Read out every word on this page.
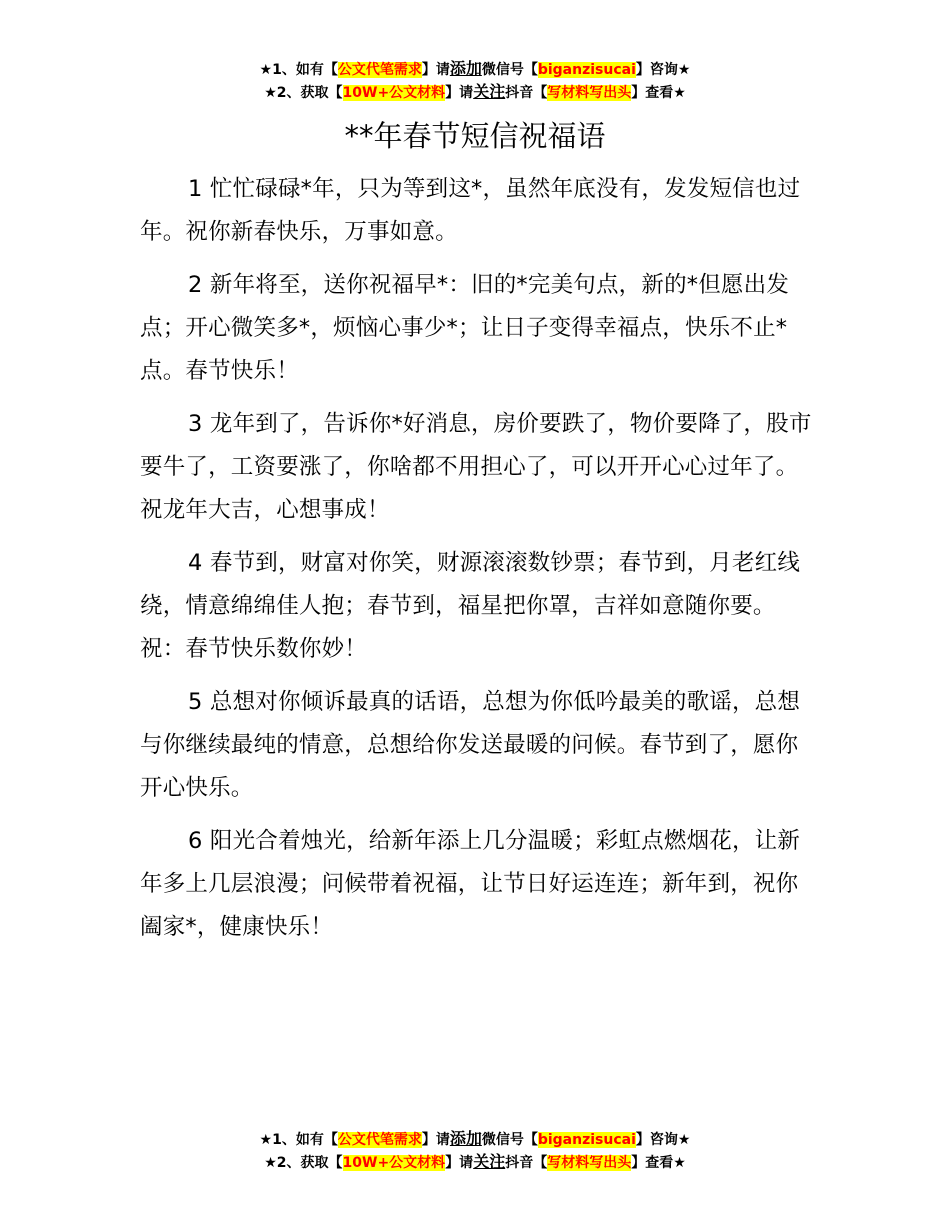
★1、如有【公文代笔需求】请添加微信号【biganzisucai】咨询★
★2、获取【10W+公文材料】请关注抖音【写材料写出头】查看★
**年春节短信祝福语

1 忙忙碌碌*年，只为等到这*，虽然年底没有，发发短信也过年。祝你新春快乐，万事如意。

2 新年将至，送你祝福早*：旧的*完美句点，新的*但愿出发点；开心微笑多*，烦恼心事少*；让日子变得幸福点，快乐不止*点。春节快乐！

3 龙年到了，告诉你*好消息，房价要跌了，物价要降了，股市要牛了，工资要涨了，你啥都不用担心了，可以开开心心过年了。祝龙年大吉，心想事成！

4 春节到，财富对你笑，财源滚滚数钞票；春节到，月老红线绕，情意绵绵佳人抱；春节到，福星把你罩，吉祥如意随你要。祝：春节快乐数你妙！

5 总想对你倾诉最真的话语，总想为你低吟最美的歌谣，总想与你继续最纯的情意，总想给你发送最暖的问候。春节到了，愿你开心快乐。

6 阳光合着烛光，给新年添上几分温暖；彩虹点燃烟花，让新年多上几层浪漫；问候带着祝福，让节日好运连连；新年到，祝你阖家*，健康快乐！

★1、如有【公文代笔需求】请添加微信号【biganzisucai】咨询★
★2、获取【10W+公文材料】请关注抖音【写材料写出头】查看★
